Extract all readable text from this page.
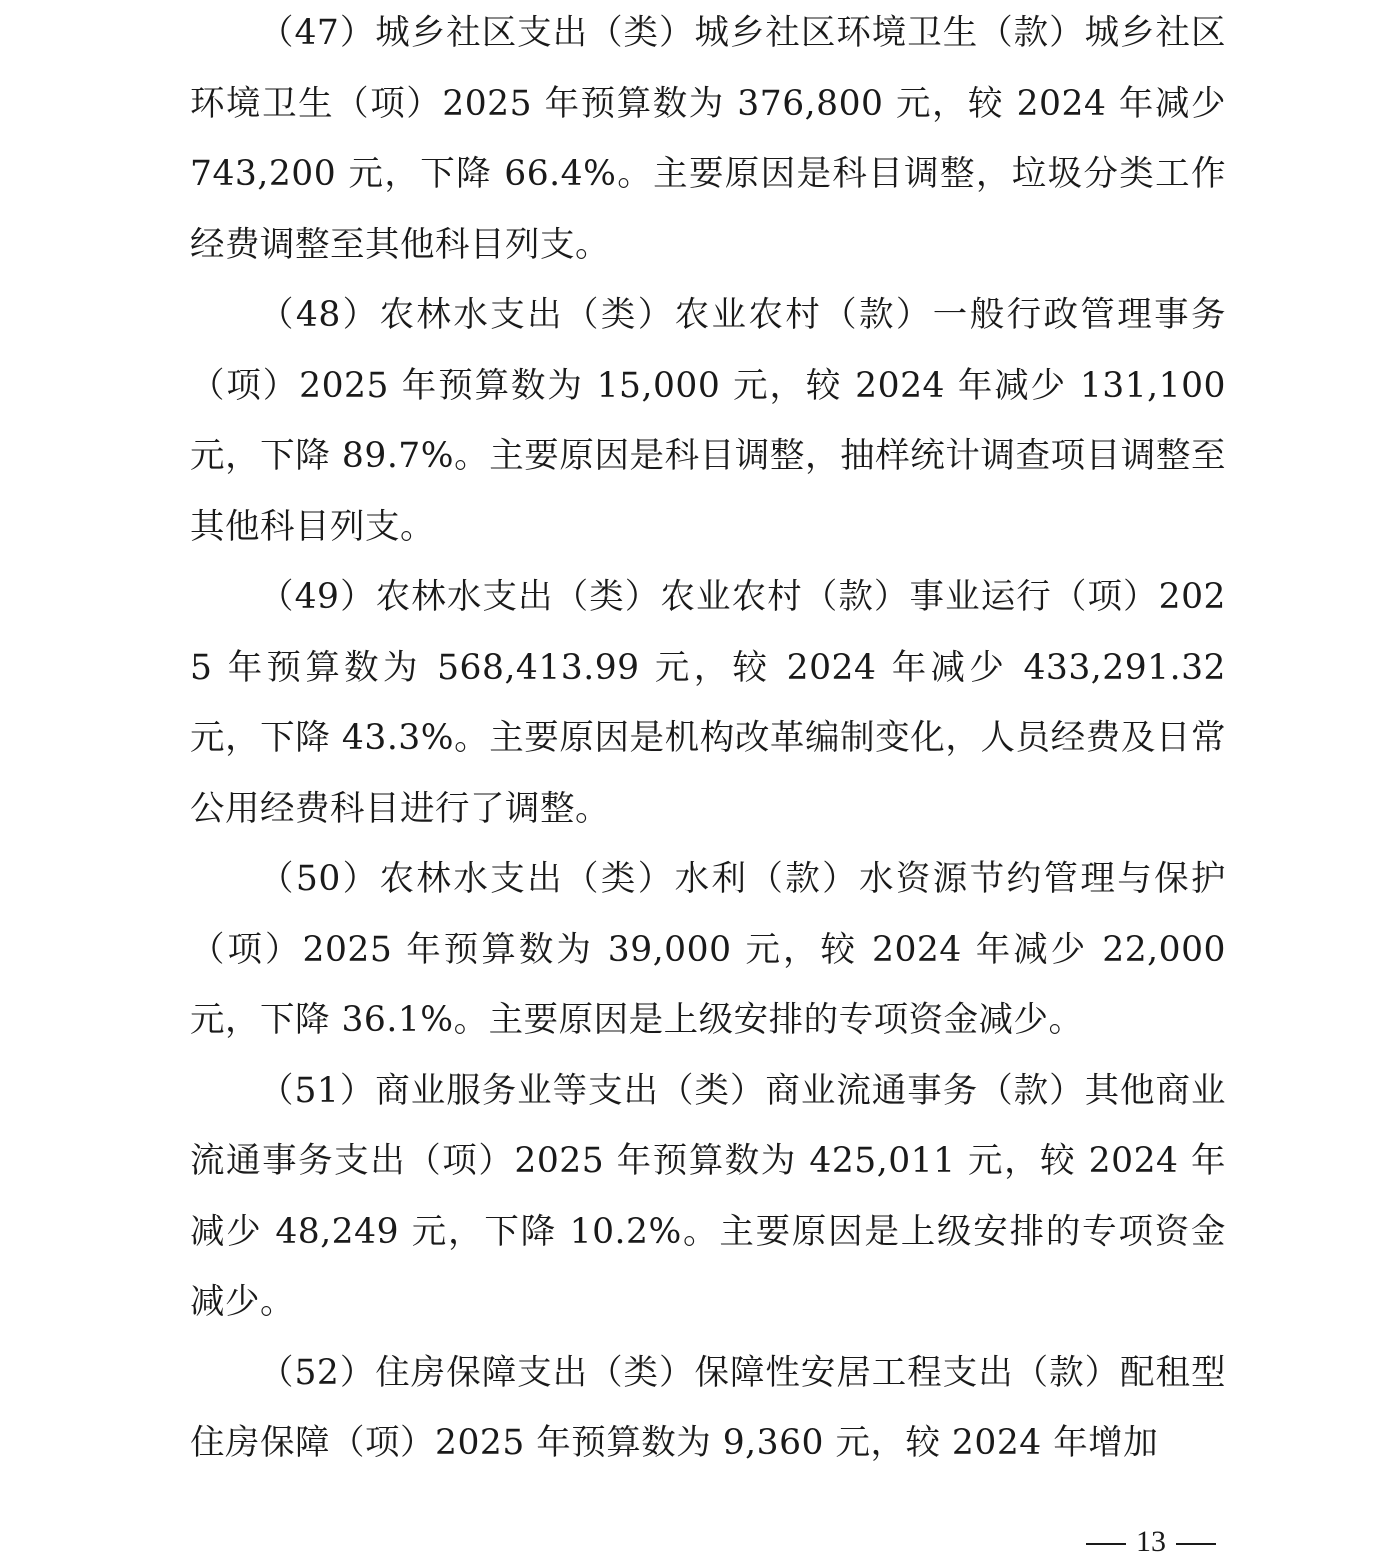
（47）城乡社区支出（类）城乡社区环境卫生（款）城乡社区环境卫生（项）2025 年预算数为 376,800 元，较 2024 年减少 743,200 元，下降 66.4%。主要原因是科目调整，垃圾分类工作经费调整至其他科目列支。

（48）农林水支出（类）农业农村（款）一般行政管理事务（项）2025 年预算数为 15,000 元，较 2024 年减少 131,100 元，下降 89.7%。主要原因是科目调整，抽样统计调查项目调整至其他科目列支。

（49）农林水支出（类）农业农村（款）事业运行（项）2025 年预算数为 568,413.99 元，较 2024 年减少 433,291.32 元，下降 43.3%。主要原因是机构改革编制变化，人员经费及日常公用经费科目进行了调整。

（50）农林水支出（类）水利（款）水资源节约管理与保护（项）2025 年预算数为 39,000 元，较 2024 年减少 22,000 元，下降 36.1%。主要原因是上级安排的专项资金减少。

（51）商业服务业等支出（类）商业流通事务（款）其他商业流通事务支出（项）2025 年预算数为 425,011 元，较 2024 年减少 48,249 元，下降 10.2%。主要原因是上级安排的专项资金减少。

（52）住房保障支出（类）保障性安居工程支出（款）配租型住房保障（项）2025 年预算数为 9,360 元，较 2024 年增加

13
